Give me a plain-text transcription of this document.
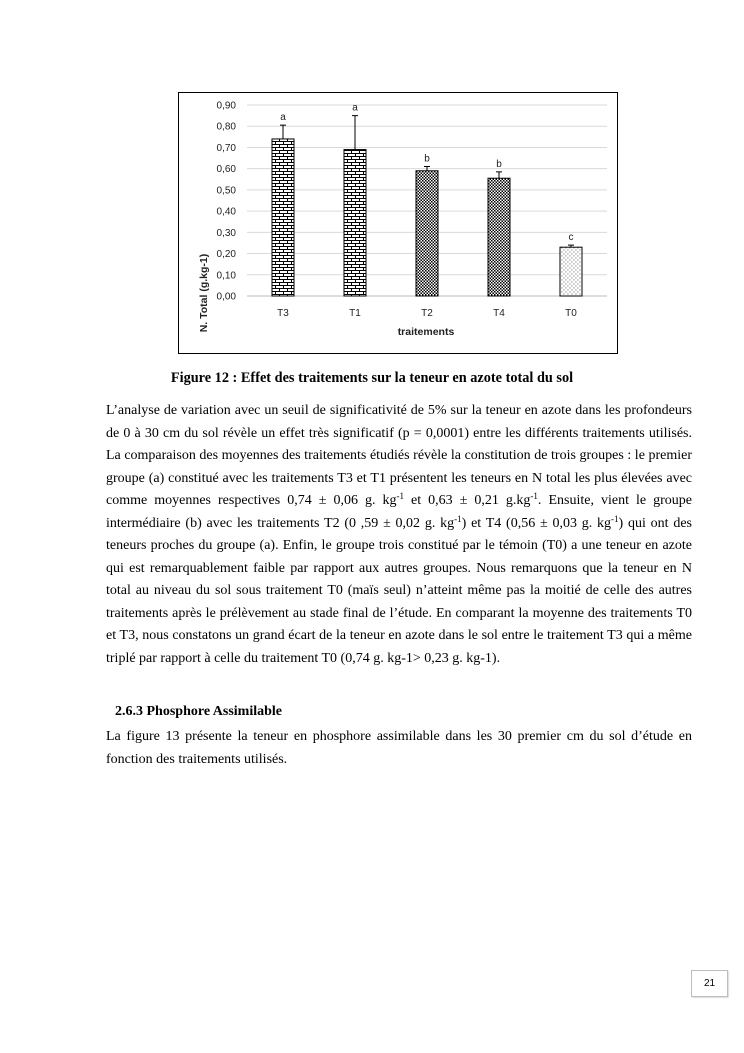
0,00
0,10
0,20
0,30
0,40
0,50
0,60
0,70
0,80
0,90
a
a
b	b
c
T3	T1	T2	T4	T0
N. Total (g.kg-1)	traitements
Figure 12 : Effet des traitements sur la teneur en azote total du sol

L’analyse de variation avec un seuil de significativité de 5% sur la teneur en azote dans les profondeurs de 0 à 30 cm du sol révèle un effet très significatif (p = 0,0001) entre les différents traitements utilisés. La comparaison des moyennes des traitements étudiés révèle la constitution de trois groupes : le premier groupe (a) constitué avec les traitements T3 et T1 présentent les teneurs en N total les plus élevées avec comme moyennes respectives 0,74 ± 0,06 g. $kg^{-1}$ et 0,63 ± 0,21 $g.kg^{-1}$. Ensuite, vient le groupe intermédiaire (b) avec les traitements T2 (0 ,59 ± 0,02 g. $kg^{-1}$) et T4 (0,56 ± 0,03 g. $kg^{-1}$) qui ont des teneurs proches du groupe (a). Enfin, le groupe trois constitué par le témoin (T0) a une teneur en azote qui est remarquablement faible par rapport aux autres groupes. Nous remarquons que la teneur en N total au niveau du sol sous traitement T0 (maïs seul) n’atteint même pas la moitié de celle des autres traitements après le prélèvement au stade final de l’étude. En comparant la moyenne des traitements T0 et T3, nous constatons un grand écart de la teneur en azote dans le sol entre le traitement T3 qui a même triplé par rapport à celle du traitement T0 (0,74 g. kg-1> 0,23 g. kg-1).

2.6.3 Phosphore Assimilable

La figure 13 présente la teneur en phosphore assimilable dans les 30 premier cm du sol d’étude en fonction des traitements utilisés.

21
